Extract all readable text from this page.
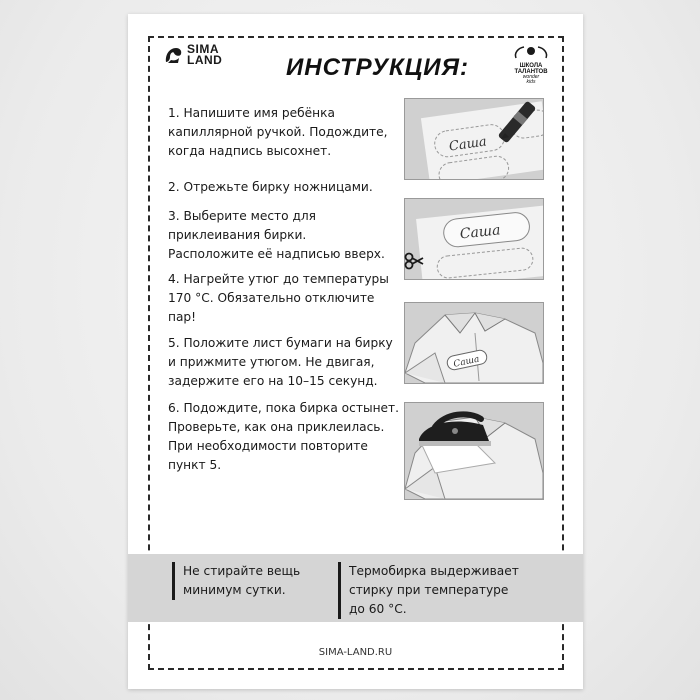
SIMA
LAND	ИНСТРУКЦИЯ:	ШКОЛА
ТАЛАНТОВ
wonder
kids
1. Напишите имя ребёнка
капиллярной ручкой. Подождите,
когда надпись высохнет.
2. Отрежьте бирку ножницами.
3. Выберите место для
приклеивания бирки.
Расположите её надписью вверх.
4. Нагрейте утюг до температуры
170 °С. Обязательно отключите
пар!
5. Положите лист бумаги на бирку
и прижмите утюгом. Не двигая,
задержите его на 10–15 секунд.
6. Подождите, пока бирка остынет.
Проверьте, как она приклеилась.
При необходимости повторите
пункт 5.
Саша
Саша
Саша
Не стирайте вещь
минимум сутки.
Термобирка выдерживает
стирку при температуре
до 60 °С.
SIMA-LAND.RU
